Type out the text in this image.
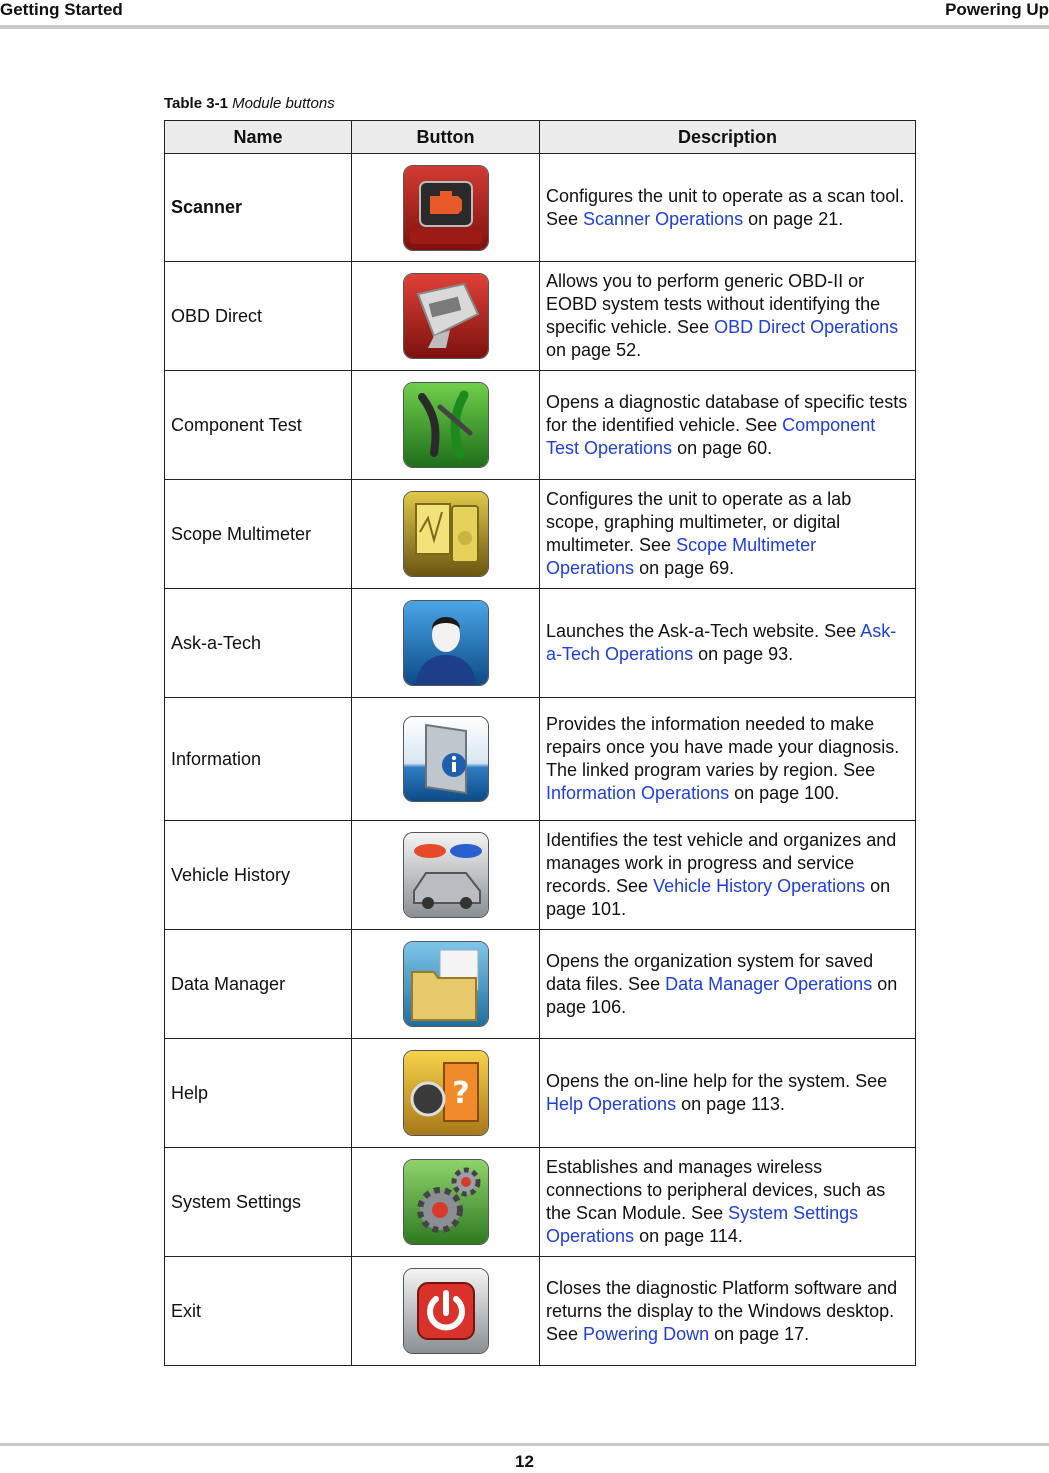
Getting Started	Powering Up
Table 3-1 Module buttons
Name	Button	Description
Scanner		Configures the unit to operate as a scan tool. See Scanner Operations on page 21.
OBD Direct		Allows you to perform generic OBD-II or EOBD system tests without identifying the specific vehicle. See OBD Direct Operations on page 52.
Component Test		Opens a diagnostic database of specific tests for the identified vehicle. See Component Test Operations on page 60.
Scope Multimeter		Configures the unit to operate as a lab scope, graphing multimeter, or digital multimeter. See Scope Multimeter Operations on page 69.
Ask-a-Tech		Launches the Ask-a-Tech website. See Ask-a-Tech Operations on page 93.
Information		Provides the information needed to make repairs once you have made your diagnosis. The linked program varies by region. See Information Operations on page 100.
Vehicle History		Identifies the test vehicle and organizes and manages work in progress and service records. See Vehicle History Operations on page 101.
Data Manager		Opens the organization system for saved data files. See Data Manager Operations on page 106.
Help	?	Opens the on-line help for the system. See Help Operations on page 113.
System Settings		Establishes and manages wireless connections to peripheral devices, such as the Scan Module. See System Settings Operations on page 114.
Exit		Closes the diagnostic Platform software and returns the display to the Windows desktop. See Powering Down on page 17.
12
